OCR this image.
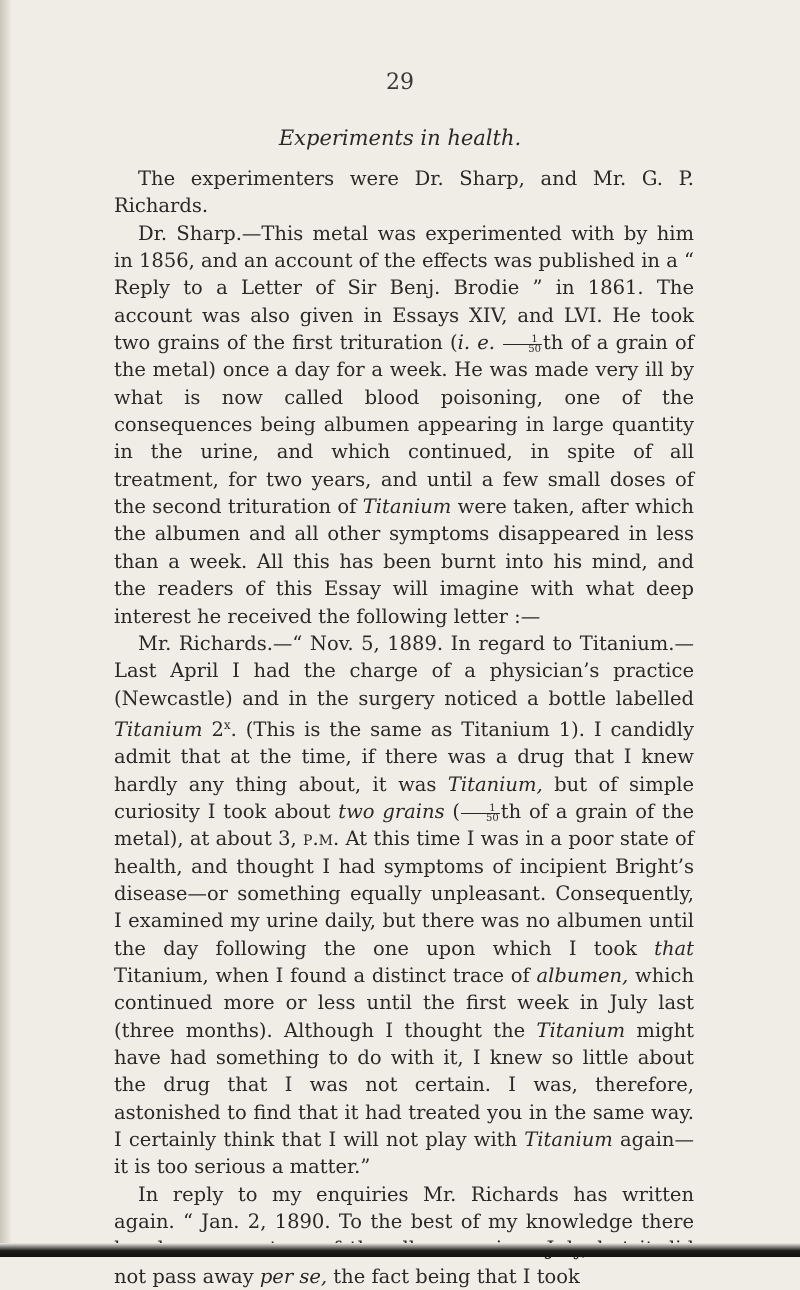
29
Experiments in health.

The experimenters were Dr. Sharp, and Mr. G. P. Richards.

Dr. Sharp.—This metal was experimented with by him in 1856, and an account of the effects was published in a “ Reply to a Letter of Sir Benj. Brodie ” in 1861. The account was also given in Essays XIV, and LVI. He took two grains of the first trituration (i. e. $\frac{1}{50}$ th of a grain of the metal) once a day for a week. He was made very ill by what is now called blood poisoning, one of the consequences being albumen appearing in large quantity in the urine, and which continued, in spite of all treatment, for two years, and until a few small doses of the second trituration of Titanium were taken, after which the albumen and all other symptoms disappeared in less than a week. All this has been burnt into his mind, and the readers of this Essay will imagine with what deep interest he received the following letter :—

Mr. Richards.—“ Nov. 5, 1889. In regard to Titanium.—Last April I had the charge of a physician’s practice (Newcastle) and in the surgery noticed a bottle labelled Titanium 2$^x$. (This is the same as Titanium 1). I candidly admit that at the time, if there was a drug that I knew hardly any thing about, it was Titanium, but of simple curiosity I took about two grains ( $\frac{1}{50}$ th of a grain of the metal), at about 3, p.m. At this time I was in a poor state of health, and thought I had symptoms of incipient Bright’s disease—or something equally unpleasant. Consequently, I examined my urine daily, but there was no albumen until the day following the one upon which I took that Titanium, when I found a distinct trace of albumen, which continued more or less until the first week in July last (three months). Although I thought the Titanium might have had something to do with it, I knew so little about the drug that I was not certain. I was, therefore, astonished to find that it had treated you in the same way. I certainly think that I will not play with Titanium again—it is too serious a matter.”

In reply to my enquiries Mr. Richards has written again. “ Jan. 2, 1890. To the best of my knowledge there not pass away per se, the fact being that I took
